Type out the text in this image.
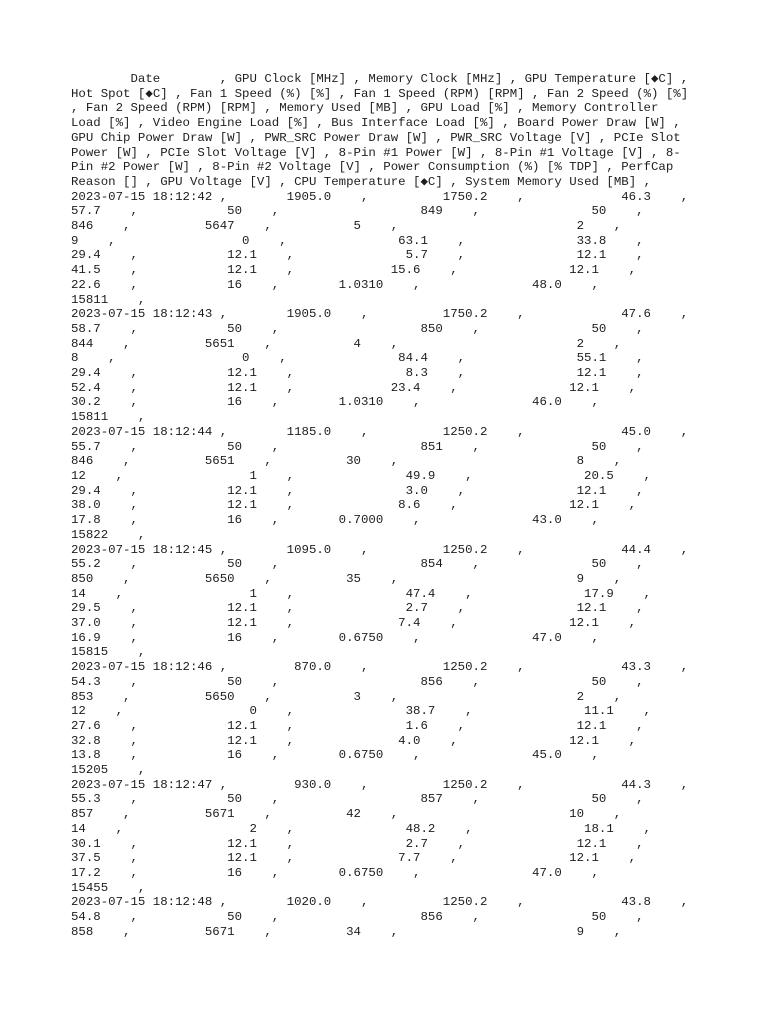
Date        , GPU Clock [MHz] , Memory Clock [MHz] , GPU Temperature [◆C] ,
Hot Spot [◆C] , Fan 1 Speed (%) [%] , Fan 1 Speed (RPM) [RPM] , Fan 2 Speed (%) [%]
, Fan 2 Speed (RPM) [RPM] , Memory Used [MB] , GPU Load [%] , Memory Controller
Load [%] , Video Engine Load [%] , Bus Interface Load [%] , Board Power Draw [W] ,
GPU Chip Power Draw [W] , PWR_SRC Power Draw [W] , PWR_SRC Voltage [V] , PCIe Slot
Power [W] , PCIe Slot Voltage [V] , 8-Pin #1 Power [W] , 8-Pin #1 Voltage [V] , 8-
Pin #2 Power [W] , 8-Pin #2 Voltage [V] , Power Consumption (%) [% TDP] , PerfCap
Reason [] , GPU Voltage [V] , CPU Temperature [◆C] , System Memory Used [MB] ,
2023-07-15 18:12:42 ,        1905.0    ,          1750.2    ,             46.3    ,
57.7    ,            50    ,                   849    ,               50    ,
846    ,          5647    ,           5    ,                        2    ,
9    ,                 0    ,               63.1    ,               33.8    ,
29.4    ,            12.1    ,               5.7    ,               12.1    ,
41.5    ,            12.1    ,             15.6    ,               12.1    ,
22.6    ,            16    ,        1.0310    ,               48.0    ,
15811    ,
2023-07-15 18:12:43 ,        1905.0    ,          1750.2    ,             47.6    ,
58.7    ,            50    ,                   850    ,               50    ,
844    ,          5651    ,           4    ,                        2    ,
8    ,                 0    ,               84.4    ,               55.1    ,
29.4    ,            12.1    ,               8.3    ,               12.1    ,
52.4    ,            12.1    ,             23.4    ,               12.1    ,
30.2    ,            16    ,        1.0310    ,               46.0    ,
15811    ,
2023-07-15 18:12:44 ,        1185.0    ,          1250.2    ,             45.0    ,
55.7    ,            50    ,                   851    ,               50    ,
846    ,          5651    ,          30    ,                        8    ,
12    ,                 1    ,               49.9    ,               20.5    ,
29.4    ,            12.1    ,               3.0    ,               12.1    ,
38.0    ,            12.1    ,              8.6    ,               12.1    ,
17.8    ,            16    ,        0.7000    ,               43.0    ,
15822    ,
2023-07-15 18:12:45 ,        1095.0    ,          1250.2    ,             44.4    ,
55.2    ,            50    ,                   854    ,               50    ,
850    ,          5650    ,          35    ,                        9    ,
14    ,                 1    ,               47.4    ,               17.9    ,
29.5    ,            12.1    ,               2.7    ,               12.1    ,
37.0    ,            12.1    ,              7.4    ,               12.1    ,
16.9    ,            16    ,        0.6750    ,               47.0    ,
15815    ,
2023-07-15 18:12:46 ,         870.0    ,          1250.2    ,             43.3    ,
54.3    ,            50    ,                   856    ,               50    ,
853    ,          5650    ,           3    ,                        2    ,
12    ,                 0    ,               38.7    ,               11.1    ,
27.6    ,            12.1    ,               1.6    ,               12.1    ,
32.8    ,            12.1    ,              4.0    ,               12.1    ,
13.8    ,            16    ,        0.6750    ,               45.0    ,
15205    ,
2023-07-15 18:12:47 ,         930.0    ,          1250.2    ,             44.3    ,
55.3    ,            50    ,                   857    ,               50    ,
857    ,          5671    ,          42    ,                       10    ,
14    ,                 2    ,               48.2    ,               18.1    ,
30.1    ,            12.1    ,               2.7    ,               12.1    ,
37.5    ,            12.1    ,              7.7    ,               12.1    ,
17.2    ,            16    ,        0.6750    ,               47.0    ,
15455    ,
2023-07-15 18:12:48 ,        1020.0    ,          1250.2    ,             43.8    ,
54.8    ,            50    ,                   856    ,               50    ,
858    ,          5671    ,          34    ,                        9    ,
